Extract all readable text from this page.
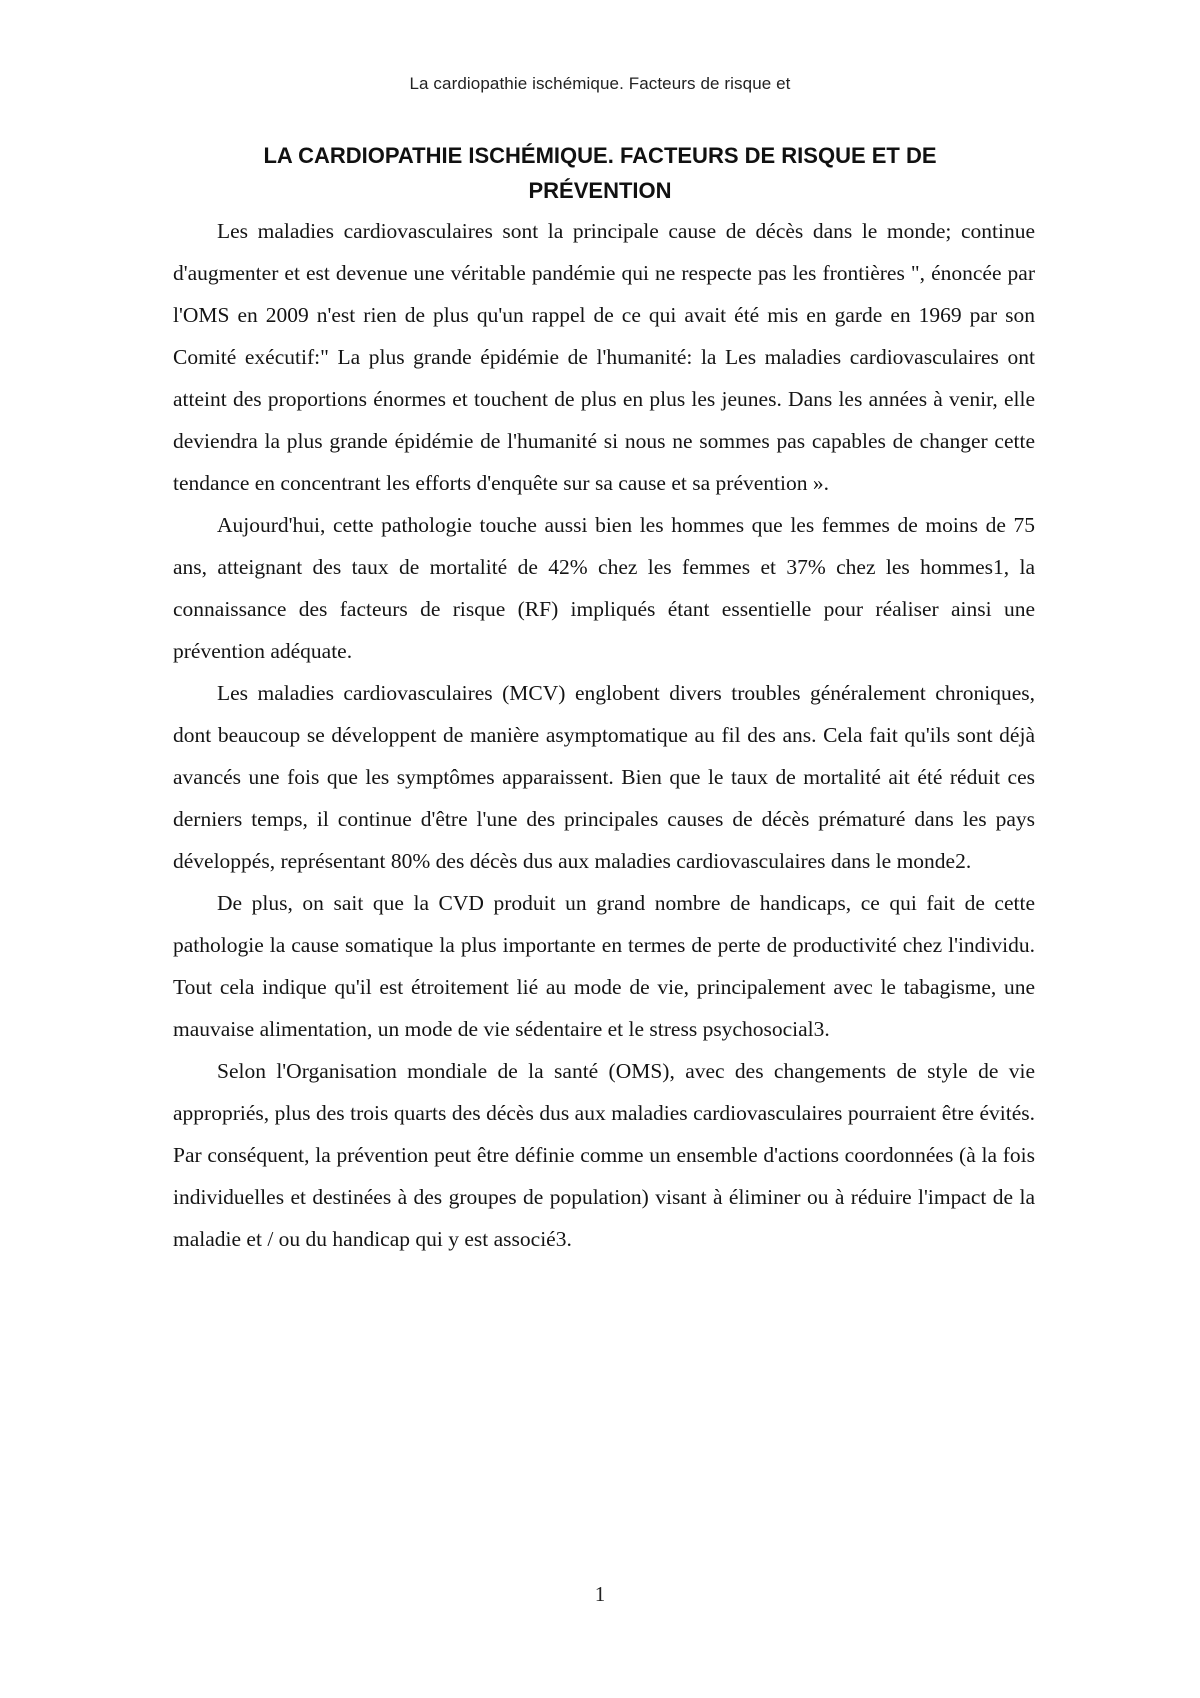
La cardiopathie ischémique. Facteurs de risque et
LA CARDIOPATHIE ISCHÉMIQUE. FACTEURS DE RISQUE ET DE PRÉVENTION

Les maladies cardiovasculaires sont la principale cause de décès dans le monde; continue d'augmenter et est devenue une véritable pandémie qui ne respecte pas les frontières ", énoncée par l'OMS en 2009 n'est rien de plus qu'un rappel de ce qui avait été mis en garde en 1969 par son Comité exécutif:" La plus grande épidémie de l'humanité: la Les maladies cardiovasculaires ont atteint des proportions énormes et touchent de plus en plus les jeunes. Dans les années à venir, elle deviendra la plus grande épidémie de l'humanité si nous ne sommes pas capables de changer cette tendance en concentrant les efforts d'enquête sur sa cause et sa prévention ».

Aujourd'hui, cette pathologie touche aussi bien les hommes que les femmes de moins de 75 ans, atteignant des taux de mortalité de 42% chez les femmes et 37% chez les hommes1, la connaissance des facteurs de risque (RF) impliqués étant essentielle pour réaliser ainsi une prévention adéquate.

Les maladies cardiovasculaires (MCV) englobent divers troubles généralement chroniques, dont beaucoup se développent de manière asymptomatique au fil des ans. Cela fait qu'ils sont déjà avancés une fois que les symptômes apparaissent. Bien que le taux de mortalité ait été réduit ces derniers temps, il continue d'être l'une des principales causes de décès prématuré dans les pays développés, représentant 80% des décès dus aux maladies cardiovasculaires dans le monde2.

De plus, on sait que la CVD produit un grand nombre de handicaps, ce qui fait de cette pathologie la cause somatique la plus importante en termes de perte de productivité chez l'individu. Tout cela indique qu'il est étroitement lié au mode de vie, principalement avec le tabagisme, une mauvaise alimentation, un mode de vie sédentaire et le stress psychosocial3.

Selon l'Organisation mondiale de la santé (OMS), avec des changements de style de vie appropriés, plus des trois quarts des décès dus aux maladies cardiovasculaires pourraient être évités. Par conséquent, la prévention peut être définie comme un ensemble d'actions coordonnées (à la fois individuelles et destinées à des groupes de population) visant à éliminer ou à réduire l'impact de la maladie et / ou du handicap qui y est associé3.

1
